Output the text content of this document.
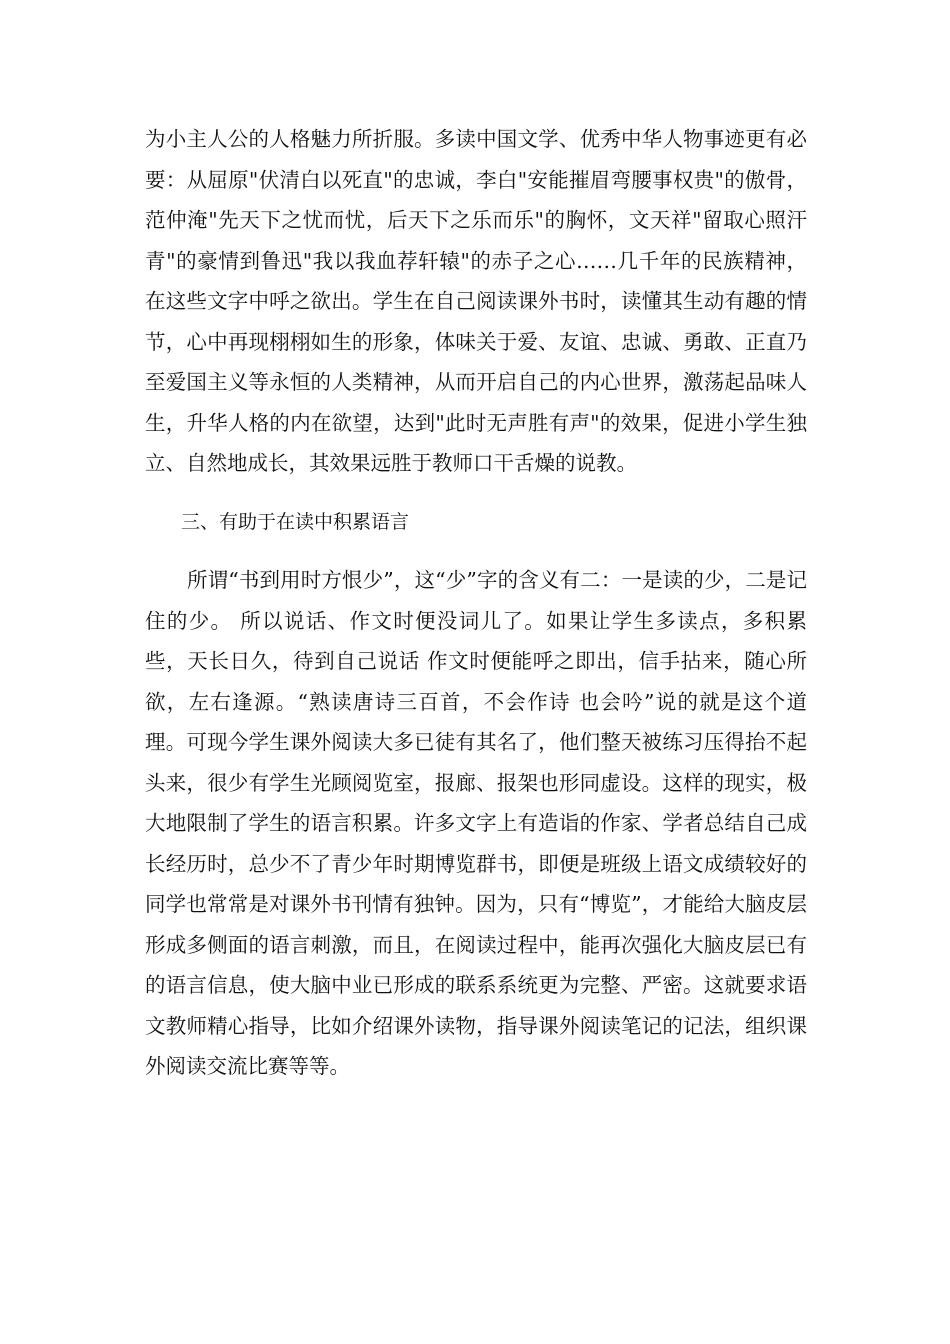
为小主人公的人格魅力所折服。多读中国文学、优秀中华人物事迹更有必要：从屈原"伏清白以死直"的忠诚，李白"安能摧眉弯腰事权贵"的傲骨，范仲淹"先天下之忧而忧，后天下之乐而乐"的胸怀，文天祥"留取心照汗青"的豪情到鲁迅"我以我血荐轩辕"的赤子之心……几千年的民族精神，在这些文字中呼之欲出。学生在自己阅读课外书时，读懂其生动有趣的情节，心中再现栩栩如生的形象，体味关于爱、友谊、忠诚、勇敢、正直乃至爱国主义等永恒的人类精神，从而开启自己的内心世界，激荡起品味人生，升华人格的内在欲望，达到"此时无声胜有声"的效果，促进小学生独立、自然地成长，其效果远胜于教师口干舌燥的说教。

三、有助于在读中积累语言

所谓“书到用时方恨少”，这“少”字的含义有二：一是读的少，二是记住的少。 所以说话、作文时便没词儿了。如果让学生多读点，多积累些，天长日久，待到自己说话 作文时便能呼之即出，信手拈来，随心所欲，左右逢源。“熟读唐诗三百首，不会作诗 也会吟”说的就是这个道理。可现今学生课外阅读大多已徒有其名了，他们整天被练习压得抬不起头来，很少有学生光顾阅览室，报廊、报架也形同虚设。这样的现实，极大地限制了学生的语言积累。许多文字上有造诣的作家、学者总结自己成长经历时，总少不了青少年时期博览群书，即便是班级上语文成绩较好的同学也常常是对课外书刊情有独钟。因为，只有“博览”，才能给大脑皮层形成多侧面的语言刺激，而且，在阅读过程中，能再次强化大脑皮层已有的语言信息，使大脑中业已形成的联系系统更为完整、严密。这就要求语文教师精心指导，比如介绍课外读物，指导课外阅读笔记的记法，组织课外阅读交流比赛等等。
